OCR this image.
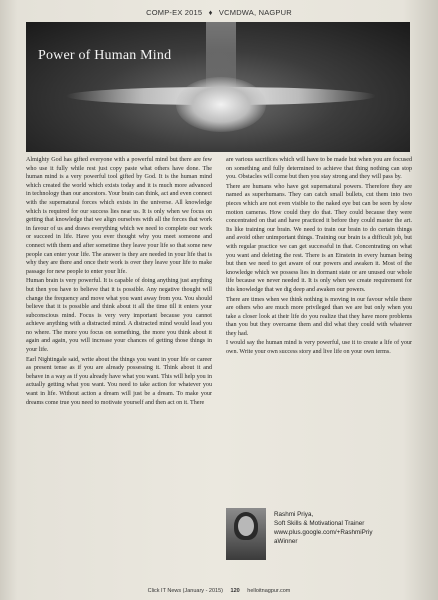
COMP-EX 2015 ♦ VCMDWA, NAGPUR
Power of Human Mind

Almighty God has gifted everyone with a powerful mind but there are few who use it fully while rest just copy paste what others have done. The human mind is a very powerful tool gifted by God. It is the human mind which created the world which exists today and it is much more advanced in technology than our ancestors. Your brain can think, act and even connect with the supernatural forces which exists in the universe. All knowledge which is required for our success lies near us. It is only when we focus on getting that knowledge that we align ourselves with all the forces that work in favour of us and draws everything which we need to complete our work or succeed in life. Have you ever thought why you meet someone and connect with them and after sometime they leave your life so that some new people can enter your life. The answer is they are needed in your life that is why they are there and once their work is over they leave your life to make passage for new people to enter your life.

Human brain is very powerful. It is capable of doing anything just anything but then you have to believe that it is possible. Any negative thought will change the frequency and move what you want away from you. You should believe that it is possible and think about it all the time till it enters your subconscious mind. Focus is very very important because you cannot achieve anything with a distracted mind. A distracted mind would lead you no where. The more you focus on something, the more you think about it again and again, you will increase your chances of getting those things in your life.

Earl Nightingale said, write about the things you want in your life or career as present tense as if you are already possessing it. Think about it and behave in a way as if you already have what you want. This will help you in actually getting what you want. You need to take action for whatever you want in life. Without action a dream will just be a dream. To make your dreams come true you need to motivate yourself and then act on it. There

are various sacrifices which will have to be made but when you are focused on something and fully determined to achieve that thing nothing can stop you. Obstacles will come but then you stay strong and they will pass by.

There are humans who have got supernatural powers. Therefore they are named as superhumans. They can catch small bullets, cut them into two pieces which are not even visible to the naked eye but can be seen by slow motion cameras. How could they do that. They could because they were concentrated on that and have practiced it before they could master the art. Its like training our brain. We need to train our brain to do certain things and avoid other unimportant things. Training our brain is a difficult job, but with regular practice we can get successful in that. Concentrating on what you want and deleting the rest. There is an Einstein in every human being but then we need to get aware of our powers and awaken it. Most of the knowledge which we possess lies in dormant state or are unused our whole life because we never needed it. It is only when we create requirement for this knowledge that we dig deep and awaken our powers.

There are times when we think nothing is moving in our favour while there are others who are much more privileged than we are but only when you take a closer look at their life do you realize that they have more problems than you but they overcame them and did what they could with whatever they had.

I would say the human mind is very powerful, use it to create a life of your own. Write your own success story and live life on your own terms.

Rashmi Priya,
Soft Skills & Motivational Trainer
www.plus.google.com/+RashmiPriy
aWinner
Click IT News (January - 2015) 120 helloitnagpur.com
